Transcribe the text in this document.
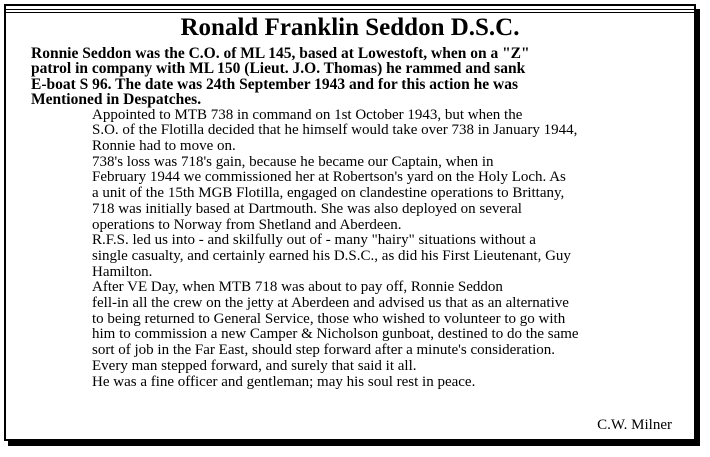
Ronald Franklin Seddon D.S.C.

Ronnie Seddon was the C.O. of ML 145, based at Lowestoft, when on a "Z"
patrol in company with ML 150 (Lieut. J.O. Thomas) he rammed and sank
E-boat S 96. The date was 24th September 1943 and for this action he was
Mentioned in Despatches.

Appointed to MTB 738 in command on 1st October 1943, but when the
S.O. of the Flotilla decided that he himself would take over 738 in January 1944,
Ronnie had to move on.

738's loss was 718's gain, because he became our Captain, when in
February 1944 we commissioned her at Robertson's yard on the Holy Loch. As
a unit of the 15th MGB Flotilla, engaged on clandestine operations to Brittany,
718 was initially based at Dartmouth. She was also deployed on several
operations to Norway from Shetland and Aberdeen.

R.F.S. led us into - and skilfully out of - many "hairy" situations without a
single casualty, and certainly earned his D.S.C., as did his First Lieutenant, Guy
Hamilton.

After VE Day, when MTB 718 was about to pay off, Ronnie Seddon
fell-in all the crew on the jetty at Aberdeen and advised us that as an alternative
to being returned to General Service, those who wished to volunteer to go with
him to commission a new Camper & Nicholson gunboat, destined to do the same
sort of job in the Far East, should step forward after a minute's consideration.
Every man stepped forward, and surely that said it all.

He was a fine officer and gentleman; may his soul rest in peace.

C.W. Milner
